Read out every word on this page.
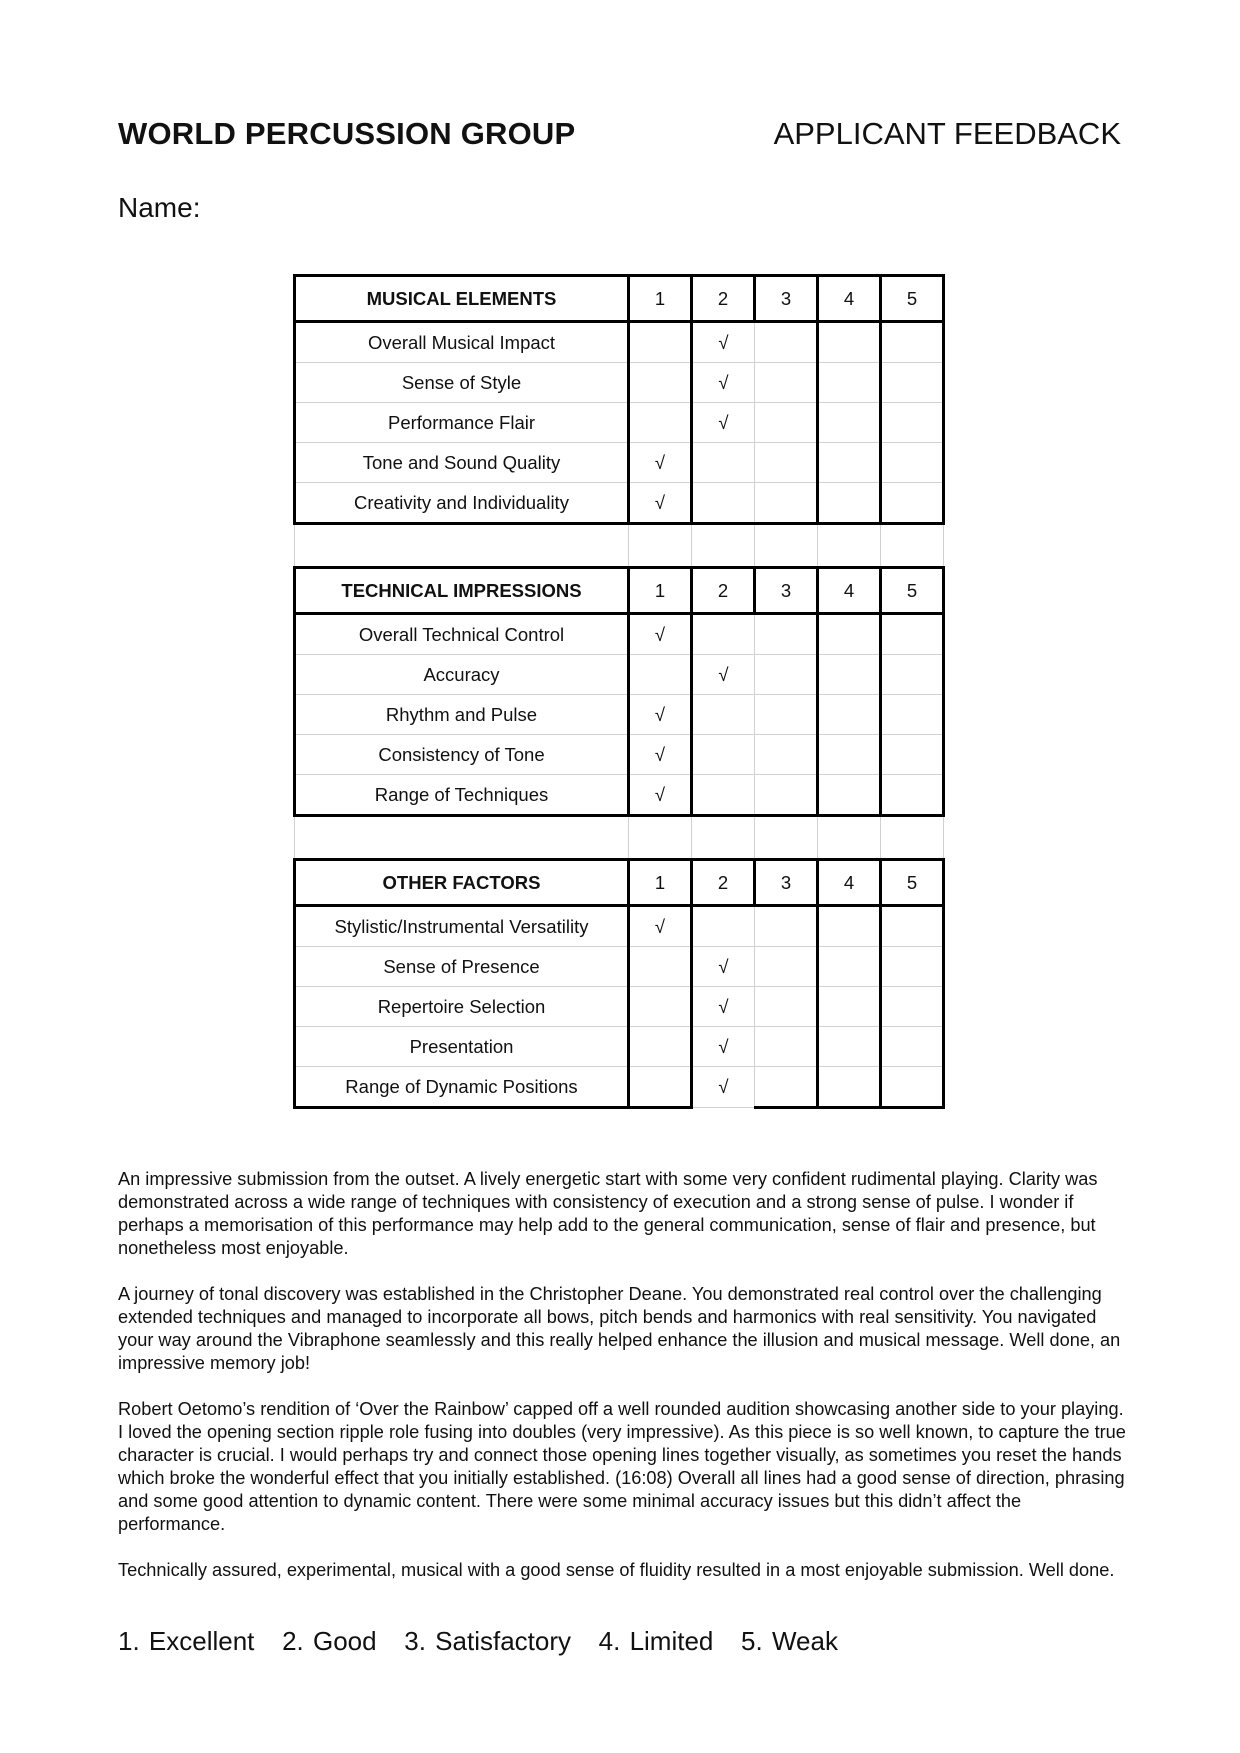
WORLD PERCUSSION GROUP	APPLICANT FEEDBACK
Name:
MUSICAL ELEMENTS	1	2	3	4	5
Overall Musical Impact		√			
Sense of Style		√			
Performance Flair		√			
Tone and Sound Quality	√				
Creativity and Individuality	√				

TECHNICAL IMPRESSIONS	1	2	3	4	5
Overall Technical Control	√				
Accuracy		√			
Rhythm and Pulse	√				
Consistency of Tone	√				
Range of Techniques	√				

OTHER FACTORS	1	2	3	4	5
Stylistic/Instrumental Versatility	√				
Sense of Presence		√			
Repertoire Selection		√			
Presentation		√			
Range of Dynamic Positions		√			

An impressive submission from the outset. A lively energetic start with some very confident rudimental playing. Clarity was demonstrated across a wide range of techniques with consistency of execution and a strong sense of pulse. I wonder if perhaps a memorisation of this performance may help add to the general communication, sense of flair and presence, but nonetheless most enjoyable.

A journey of tonal discovery was established in the Christopher Deane. You demonstrated real control over the challenging extended techniques and managed to incorporate all bows, pitch bends and harmonics with real sensitivity. You navigated your way around the Vibraphone seamlessly and this really helped enhance the illusion and musical message. Well done, an impressive memory job!

Robert Oetomo’s rendition of ‘Over the Rainbow’ capped off a well rounded audition showcasing another side to your playing. I loved the opening section ripple role fusing into doubles (very impressive). As this piece is so well known, to capture the true character is crucial. I would perhaps try and connect those opening lines together visually, as sometimes you reset the hands which broke the wonderful effect that you initially established. (16:08) Overall all lines had a good sense of direction, phrasing and some good attention to dynamic content. There were some minimal accuracy issues but this didn’t affect the performance.

Technically assured, experimental, musical with a good sense of fluidity resulted in a most enjoyable submission. Well done.

1. Excellent   2. Good   3. Satisfactory   4. Limited   5. Weak
